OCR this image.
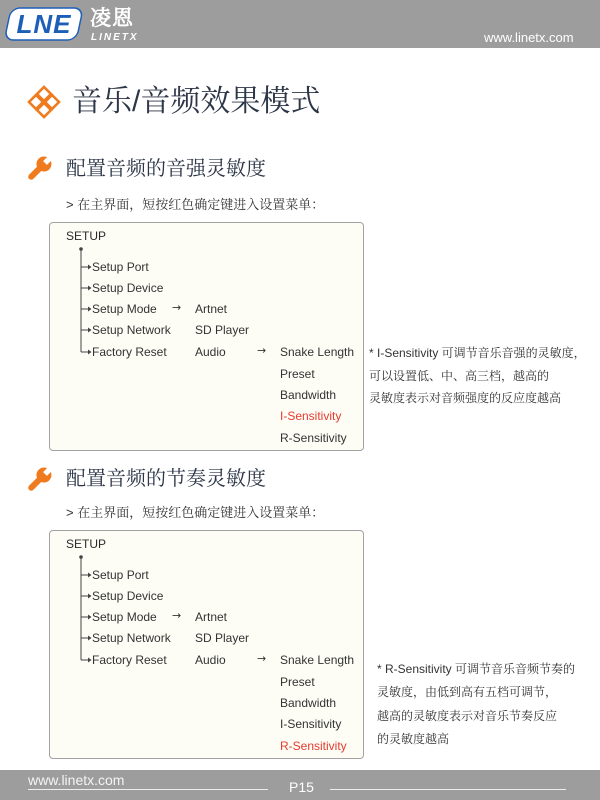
LNE 凌恩
LINETX	www.linetx.com
音乐/音频效果模式
配置音频的音强灵敏度
> 在主界面，短按红色确定键进入设置菜单：
SETUP
Setup Port
Setup Device
Setup Mode
Setup Network
Factory Reset
→ Artnet
SD Player
Audio	→ Snake Length
Preset
Bandwidth
I-Sensitivity
R-Sensitivity
* I-Sensitivity 可调节音乐音强的灵敏度，
可以设置低、中、高三档，越高的
灵敏度表示对音频强度的反应度越高
配置音频的节奏灵敏度
> 在主界面，短按红色确定键进入设置菜单：
SETUP
Setup Port
Setup Device
Setup Mode
Setup Network
Factory Reset
→ Artnet
SD Player
Audio	→ Snake Length
Preset
Bandwidth
I-Sensitivity
R-Sensitivity
* R-Sensitivity 可调节音乐音频节奏的
灵敏度，由低到高有五档可调节，
越高的灵敏度表示对音乐节奏反应
的灵敏度越高
www.linetx.com	P15
